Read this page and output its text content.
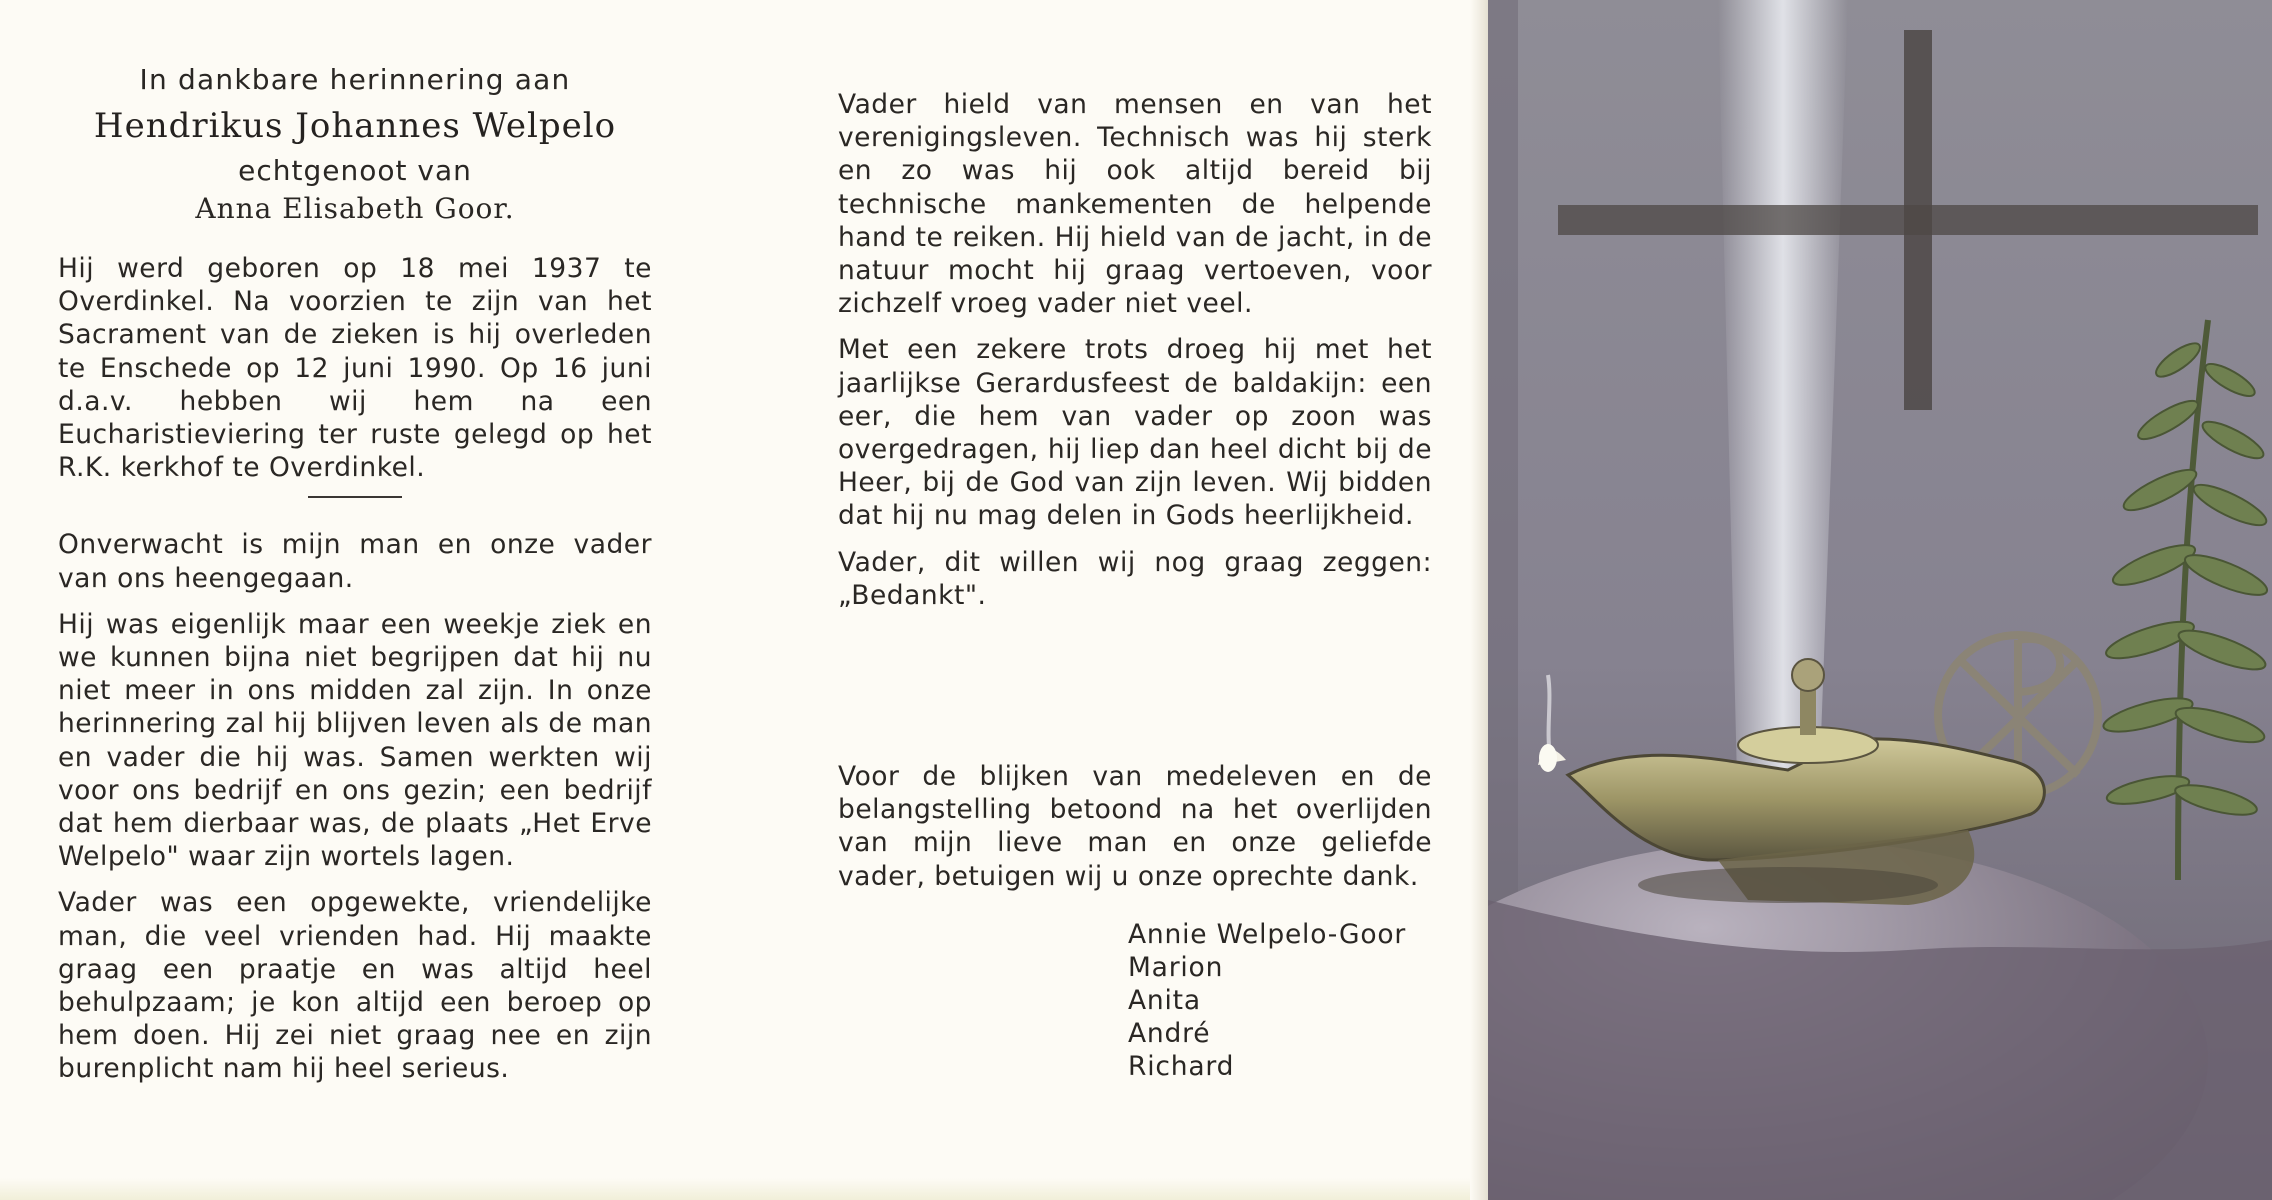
In dankbare herinnering aan
Hendrikus Johannes Welpelo
echtgenoot van
Anna Elisabeth Goor.

Hij werd geboren op 18 mei 1937 te Overdinkel. Na voorzien te zijn van het Sacrament van de zieken is hij overleden te Enschede op 12 juni 1990. Op 16 juni d.a.v. hebben wij hem na een Eucharistieviering ter ruste gelegd op het R.K. kerkhof te Overdinkel.

Onverwacht is mijn man en onze vader van ons heengegaan.

Hij was eigenlijk maar een weekje ziek en we kunnen bijna niet begrijpen dat hij nu niet meer in ons midden zal zijn. In onze herinnering zal hij blijven leven als de man en vader die hij was. Samen werkten wij voor ons bedrijf en ons gezin; een bedrijf dat hem dierbaar was, de plaats „Het Erve Welpelo" waar zijn wortels lagen.

Vader was een opgewekte, vriendelijke man, die veel vrienden had. Hij maakte graag een praatje en was altijd heel behulpzaam; je kon altijd een beroep op hem doen. Hij zei niet graag nee en zijn burenplicht nam hij heel serieus.

Vader hield van mensen en van het verenigingsleven. Technisch was hij sterk en zo was hij ook altijd bereid bij technische mankementen de helpende hand te reiken. Hij hield van de jacht, in de natuur mocht hij graag vertoeven, voor zichzelf vroeg vader niet veel.

Met een zekere trots droeg hij met het jaarlijkse Gerardusfeest de baldakijn: een eer, die hem van vader op zoon was overgedragen, hij liep dan heel dicht bij de Heer, bij de God van zijn leven. Wij bidden dat hij nu mag delen in Gods heerlijkheid.

Vader, dit willen wij nog graag zeggen: „Bedankt".

Voor de blijken van medeleven en de belangstelling betoond na het overlijden van mijn lieve man en onze geliefde vader, betuigen wij u onze oprechte dank.

Annie Welpelo-Goor
Marion
Anita
André
Richard
